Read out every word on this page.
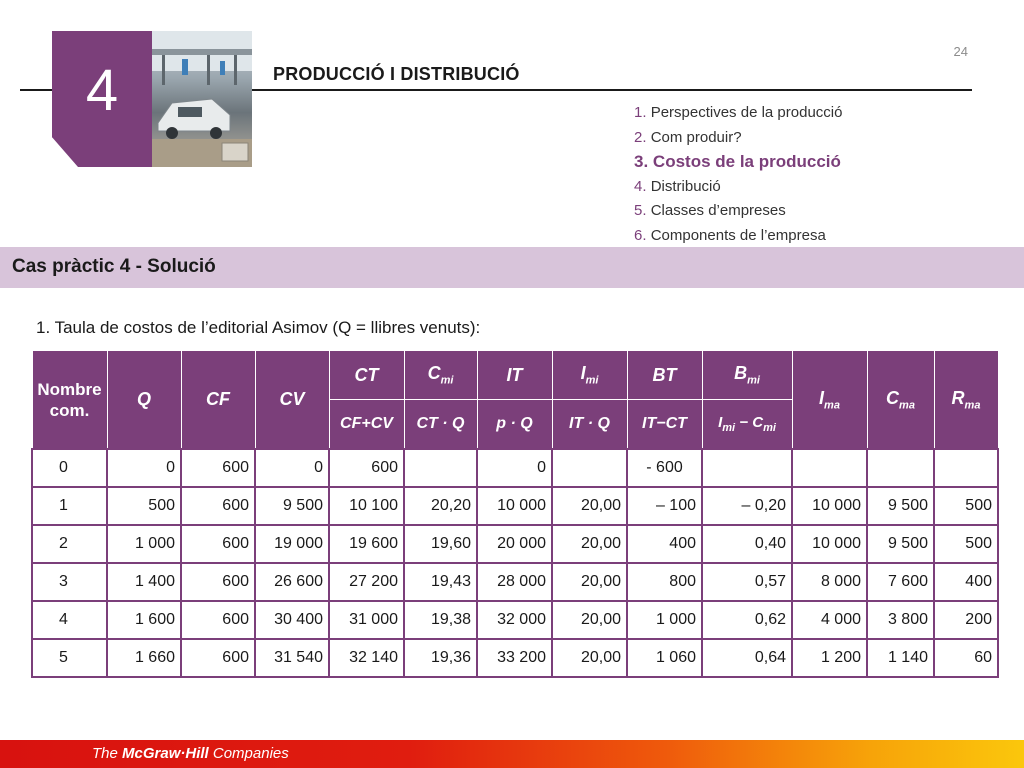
24
4	PRODUCCIÓ I DISTRIBUCIÓ
1. Perspectives de la producció
2. Com produir?
3. Costos de la producció
4. Distribució
5. Classes d’empreses
6. Components de l’empresa
Cas pràctic 4 - Solució
1. Taula de costos de l’editorial Asimov (Q = llibres venuts):
Nombre com.	Q	CF	CV	CT	$C_{mi}$	IT	$I_{mi}$	BT	$B_{mi}$	$I_{ma}$	$C_{ma}$	$R_{ma}$
				CF+CV	CT · Q	p · Q	IT · Q	IT−CT	$I_{mi} - C_{mi}$
0	0	600	0	600		0		- 600				
1	500	600	9 500	10 100	20,20	10 000	20,00	– 100	– 0,20	10 000	9 500	500
2	1 000	600	19 000	19 600	19,60	20 000	20,00	400	0,40	10 000	9 500	500
3	1 400	600	26 600	27 200	19,43	28 000	20,00	800	0,57	8 000	7 600	400
4	1 600	600	30 400	31 000	19,38	32 000	20,00	1 000	0,62	4 000	3 800	200
5	1 660	600	31 540	32 140	19,36	33 200	20,00	1 060	0,64	1 200	1 140	60
The McGraw·Hill Companies
